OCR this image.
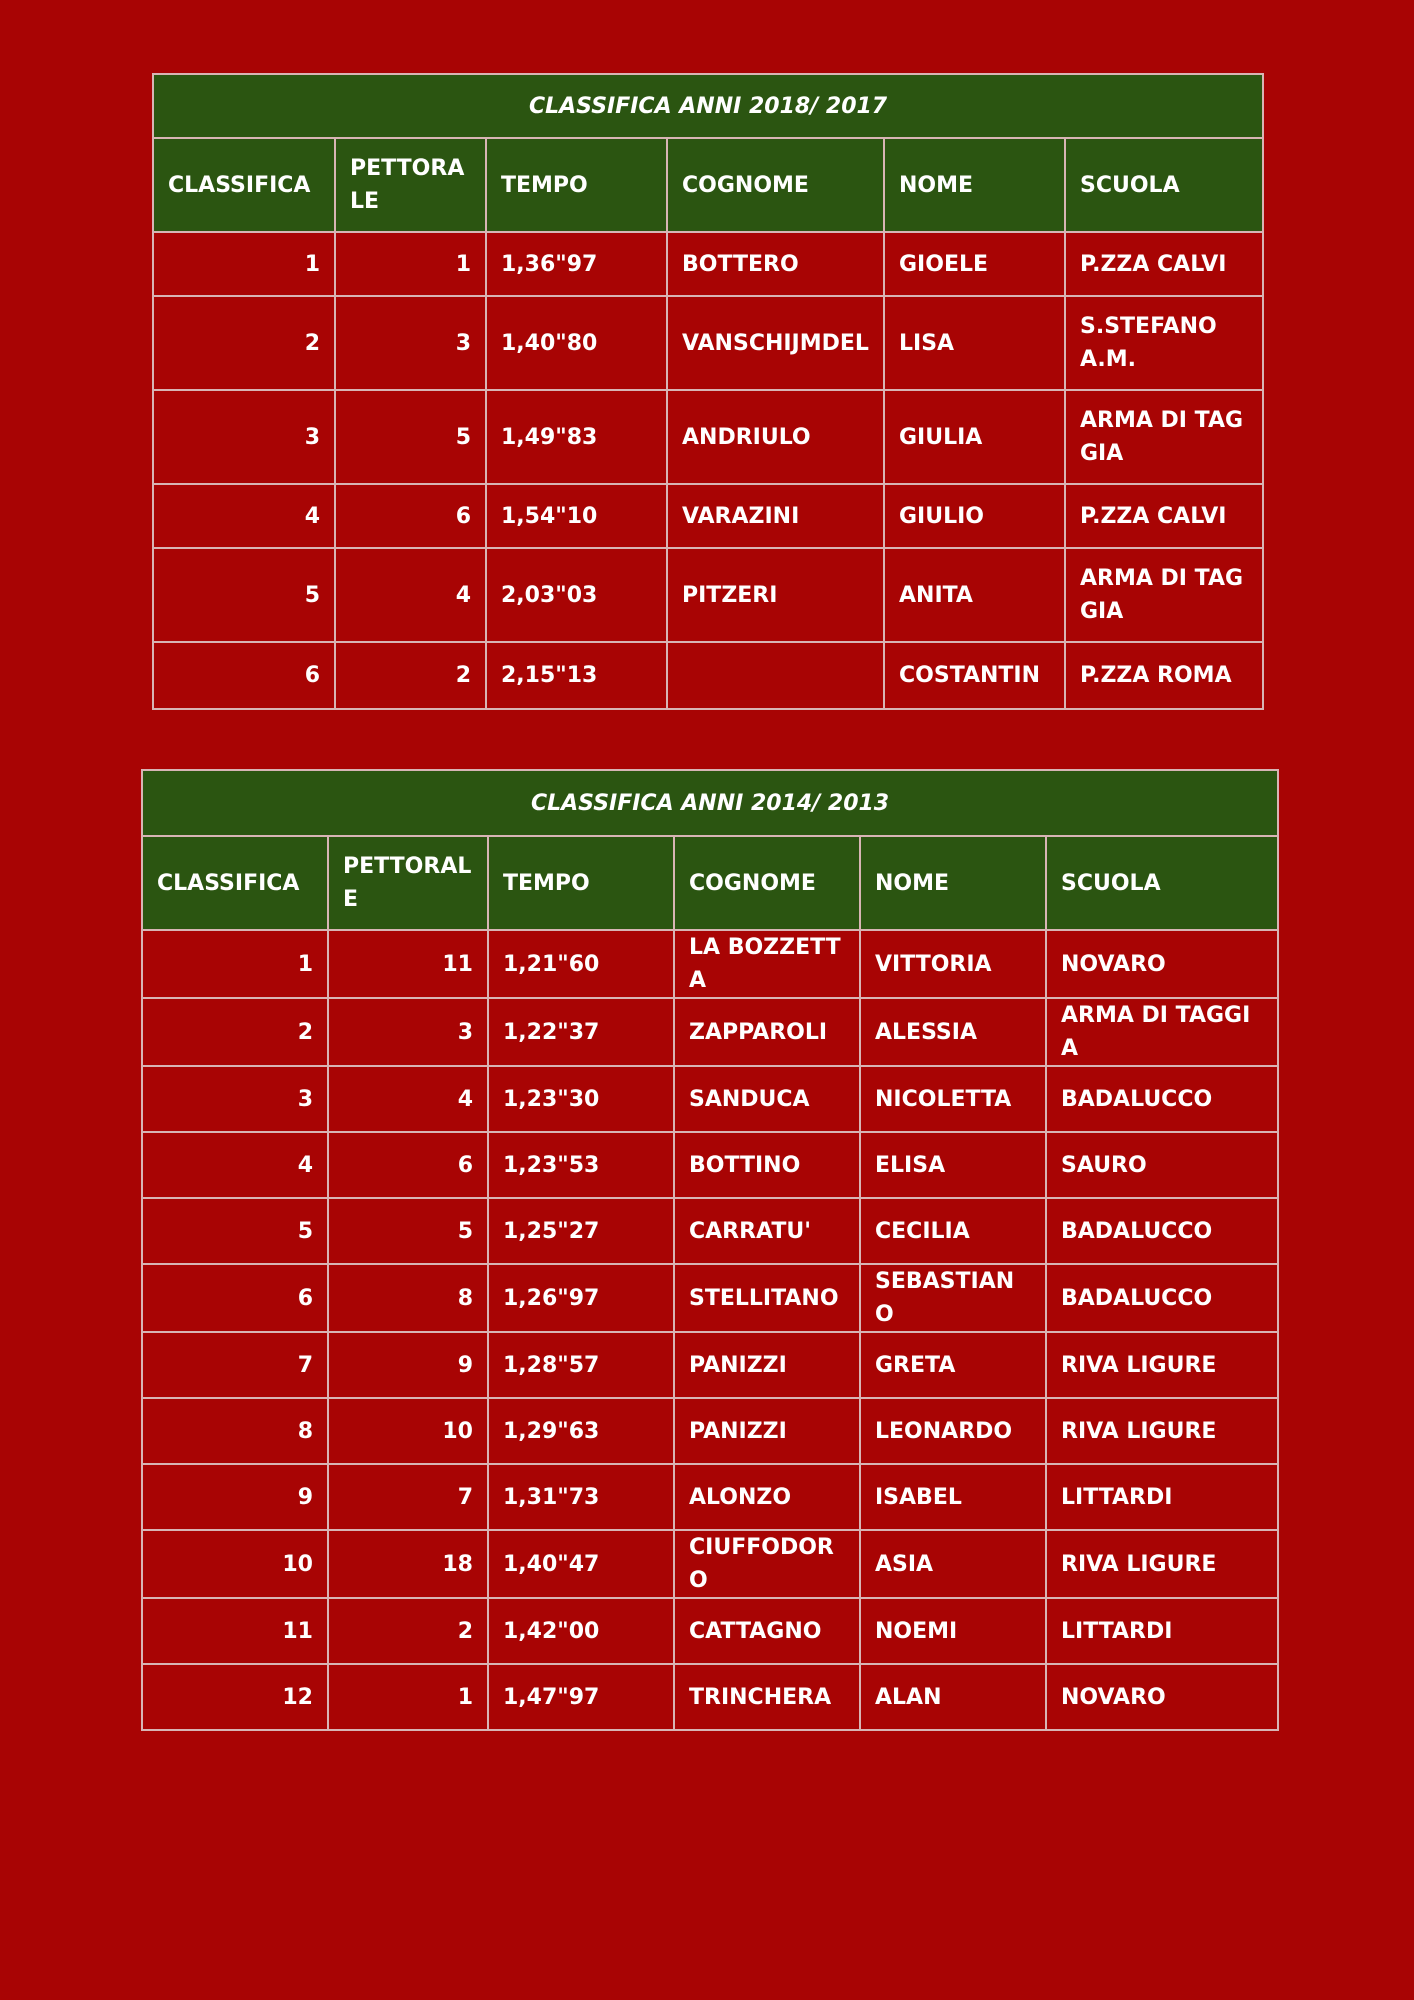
CLASSIFICA ANNI 2018/ 2017					
CLASSIFICA	PETTORALE	TEMPO	COGNOME	NOME	SCUOLA
1	1	1,36"97	BOTTERO	GIOELE	P.ZZA CALVI
2	3	1,40"80	VANSCHIJMDEL	LISA	S.STEFANO A.M.
3	5	1,49"83	ANDRIULO	GIULIA	ARMA DI TAGGIA
4	6	1,54"10	VARAZINI	GIULIO	P.ZZA CALVI
5	4	2,03"03	PITZERI	ANITA	ARMA DI TAGGIA
6	2	2,15"13		COSTANTIN	P.ZZA ROMA
CLASSIFICA ANNI 2014/ 2013					
CLASSIFICA	PETTORALE	TEMPO	COGNOME	NOME	SCUOLA
1	11	1,21"60	LA BOZZETTA	VITTORIA	NOVARO
2	3	1,22"37	ZAPPAROLI	ALESSIA	ARMA DI TAGGIA
3	4	1,23"30	SANDUCA	NICOLETTA	BADALUCCO
4	6	1,23"53	BOTTINO	ELISA	SAURO
5	5	1,25"27	CARRATU'	CECILIA	BADALUCCO
6	8	1,26"97	STELLITANO	SEBASTIANO	BADALUCCO
7	9	1,28"57	PANIZZI	GRETA	RIVA LIGURE
8	10	1,29"63	PANIZZI	LEONARDO	RIVA LIGURE
9	7	1,31"73	ALONZO	ISABEL	LITTARDI
10	18	1,40"47	CIUFFODORO	ASIA	RIVA LIGURE
11	2	1,42"00	CATTAGNO	NOEMI	LITTARDI
12	1	1,47"97	TRINCHERA	ALAN	NOVARO
